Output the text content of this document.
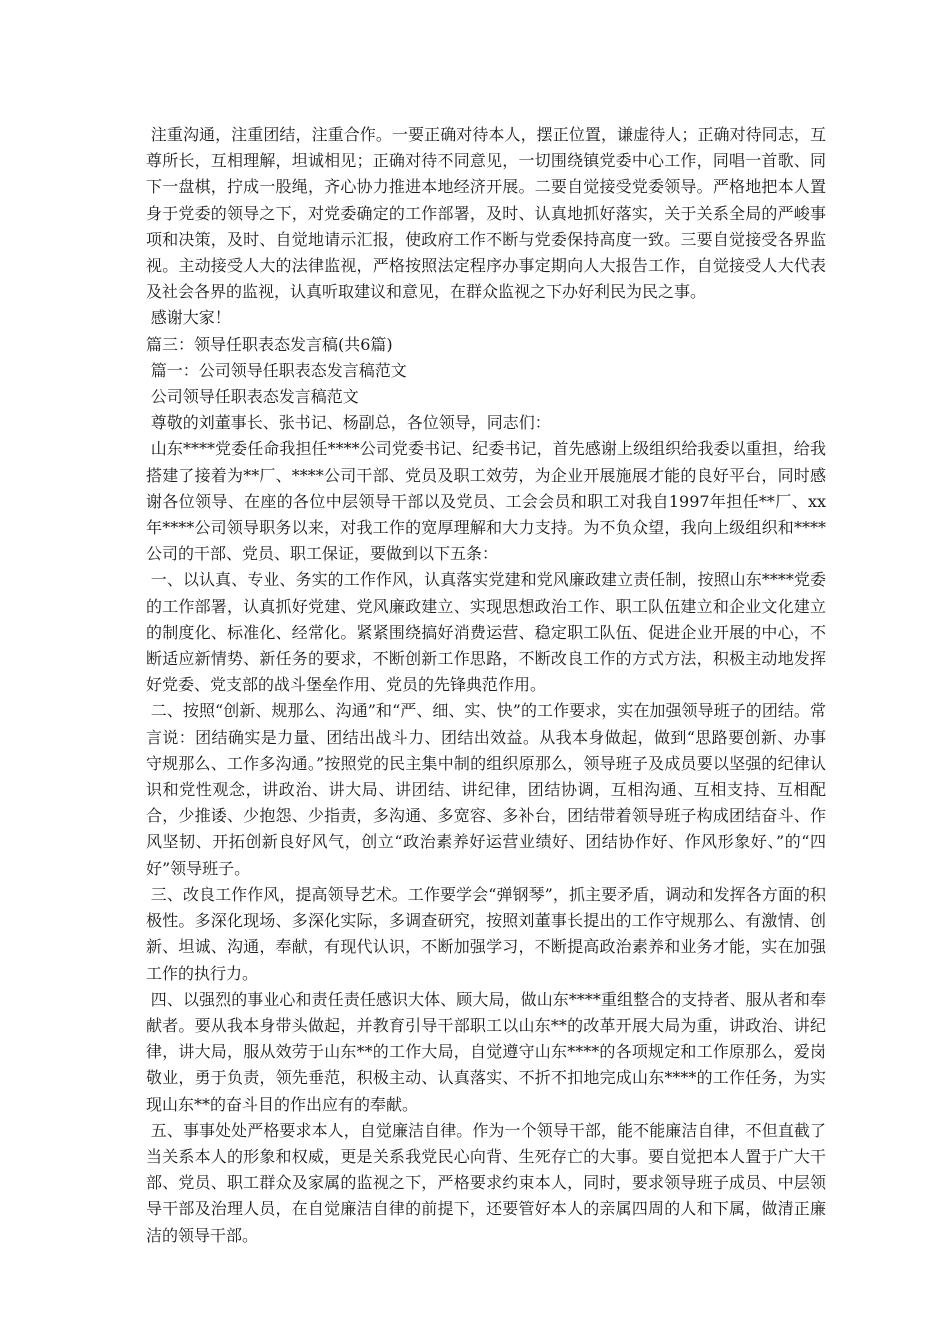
注重沟通，注重团结，注重合作。一要正确对待本人，摆正位置，谦虚待人；正确对待同志，互尊所长，互相理解，坦诚相见；正确对待不同意见，一切围绕镇党委中心工作，同唱一首歌、同下一盘棋，拧成一股绳，齐心协力推进本地经济开展。二要自觉接受党委领导。严格地把本人置身于党委的领导之下，对党委确定的工作部署，及时、认真地抓好落实，关于关系全局的严峻事项和决策，及时、自觉地请示汇报，使政府工作不断与党委保持高度一致。三要自觉接受各界监视。主动接受人大的法律监视，严格按照法定程序办事定期向人大报告工作，自觉接受人大代表及社会各界的监视，认真听取建议和意见，在群众监视之下办好利民为民之事。

感谢大家！

篇三：领导任职表态发言稿(共6篇)

篇一：公司领导任职表态发言稿范文

公司领导任职表态发言稿范文

尊敬的刘董事长、张书记、杨副总，各位领导，同志们：

山东****党委任命我担任****公司党委书记、纪委书记，首先感谢上级组织给我委以重担，给我搭建了接着为**厂、****公司干部、党员及职工效劳，为企业开展施展才能的良好平台，同时感谢各位领导、在座的各位中层领导干部以及党员、工会会员和职工对我自1997年担任**厂、xx年****公司领导职务以来，对我工作的宽厚理解和大力支持。为不负众望，我向上级组织和****公司的干部、党员、职工保证，要做到以下五条：

一、以认真、专业、务实的工作作风，认真落实党建和党风廉政建立责任制，按照山东****党委的工作部署，认真抓好党建、党风廉政建立、实现思想政治工作、职工队伍建立和企业文化建立的制度化、标准化、经常化。紧紧围绕搞好消费运营、稳定职工队伍、促进企业开展的中心，不断适应新情势、新任务的要求，不断创新工作思路，不断改良工作的方式方法，积极主动地发挥好党委、党支部的战斗堡垒作用、党员的先锋典范作用。

二、按照“创新、规那么、沟通”和“严、细、实、快”的工作要求，实在加强领导班子的团结。常言说：团结确实是力量、团结出战斗力、团结出效益。从我本身做起，做到“思路要创新、办事守规那么、工作多沟通。”按照党的民主集中制的组织原那么，领导班子及成员要以坚强的纪律认识和党性观念，讲政治、讲大局、讲团结、讲纪律，团结协调，互相沟通、互相支持、互相配合，少推诿、少抱怨、少指责，多沟通、多宽容、多补台，团结带着领导班子构成团结奋斗、作风坚韧、开拓创新良好风气，创立“政治素养好运营业绩好、团结协作好、作风形象好、”的“四好”领导班子。

三、改良工作作风，提高领导艺术。工作要学会“弹钢琴”，抓主要矛盾，调动和发挥各方面的积极性。多深化现场、多深化实际，多调查研究，按照刘董事长提出的工作守规那么、有激情、创新、坦诚、沟通，奉献，有现代认识，不断加强学习，不断提高政治素养和业务才能，实在加强工作的执行力。

四、以强烈的事业心和责任责任感识大体、顾大局，做山东****重组整合的支持者、服从者和奉献者。要从我本身带头做起，并教育引导干部职工以山东**的改革开展大局为重，讲政治、讲纪律，讲大局，服从效劳于山东**的工作大局，自觉遵守山东****的各项规定和工作原那么，爱岗敬业，勇于负责，领先垂范，积极主动、认真落实、不折不扣地完成山东****的工作任务，为实现山东**的奋斗目的作出应有的奉献。

五、事事处处严格要求本人，自觉廉洁自律。作为一个领导干部，能不能廉洁自律，不但直截了当关系本人的形象和权威，更是关系我党民心向背、生死存亡的大事。要自觉把本人置于广大干部、党员、职工群众及家属的监视之下，严格要求约束本人，同时，要求领导班子成员、中层领导干部及治理人员，在自觉廉洁自律的前提下，还要管好本人的亲属四周的人和下属，做清正廉洁的领导干部。
